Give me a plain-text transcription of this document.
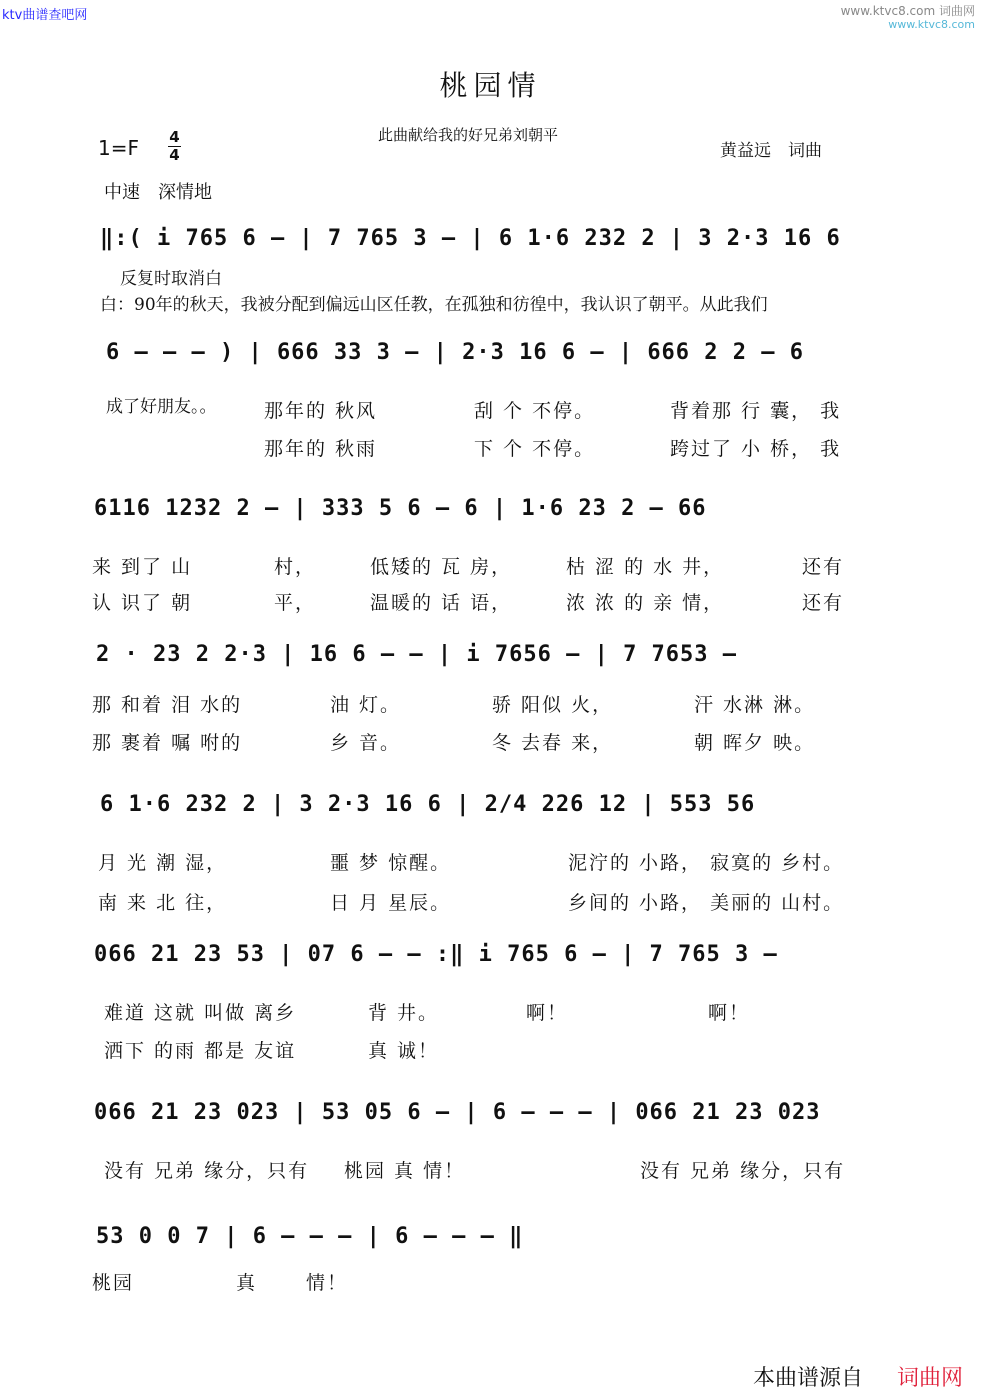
ktv曲谱查吧网	www.ktvc8.com 词曲网
www.ktvc8.com
桃园情
此曲献给我的好兄弟刘朝平
黄益远　词曲
1=F 4
4
中速　深情地
‖:( i 765 6 – | 7 765 3 – | 6 1·6 232 2 | 3 2·3 16 6
反复时取消白
白：90年的秋天，我被分配到偏远山区任教，在孤独和彷徨中，我认识了朝平。从此我们
6 – – – ) | 666 33 3 – | 2·3 16 6 – | 666 2 2 – 6
成了好朋友。。	那年的 秋风	刮 个 不停。	背着那 行 囊， 我
那年的 秋雨	下 个 不停。	跨过了 小 桥， 我
6116 1232 2 – | 333 5 6 – 6 | 1·6 23 2 – 66
来 到了 山	村，	低矮的 瓦 房，	枯 涩 的 水 井，	还有
认 识了 朝	平，	温暖的 话 语，	浓 浓 的 亲 情，	还有
2 · 23 2 2·3 | 16 6 – – | i 7656 – | 7 7653 –
那 和着 泪 水的	油 灯。	骄 阳似 火，	汗 水淋 淋。
那 裹着 嘱 咐的	乡 音。	冬 去春 来，	朝 晖夕 映。
6 1·6 232 2 | 3 2·3 16 6 | 2/4 226 12 | 553 56
月 光 潮 湿，	噩 梦 惊醒。	泥泞的 小路， 寂寞的 乡村。
南 来 北 往，	日 月 星辰。	乡间的 小路， 美丽的 山村。
066 21 23 53 | 07 6 – – :‖ i 765 6 – | 7 765 3 –
难道 这就 叫做 离乡	背 井。	啊！	啊！
洒下 的雨 都是 友谊	真 诚！
066 21 23 023 | 53 05 6 – | 6 – – – | 066 21 23 023
没有 兄弟 缘分，只有 桃园 真 情！	没有 兄弟 缘分，只有
53 0 0 7 | 6 – – – | 6 – – – ‖
桃园	真	情！
本曲谱源自 词曲网
